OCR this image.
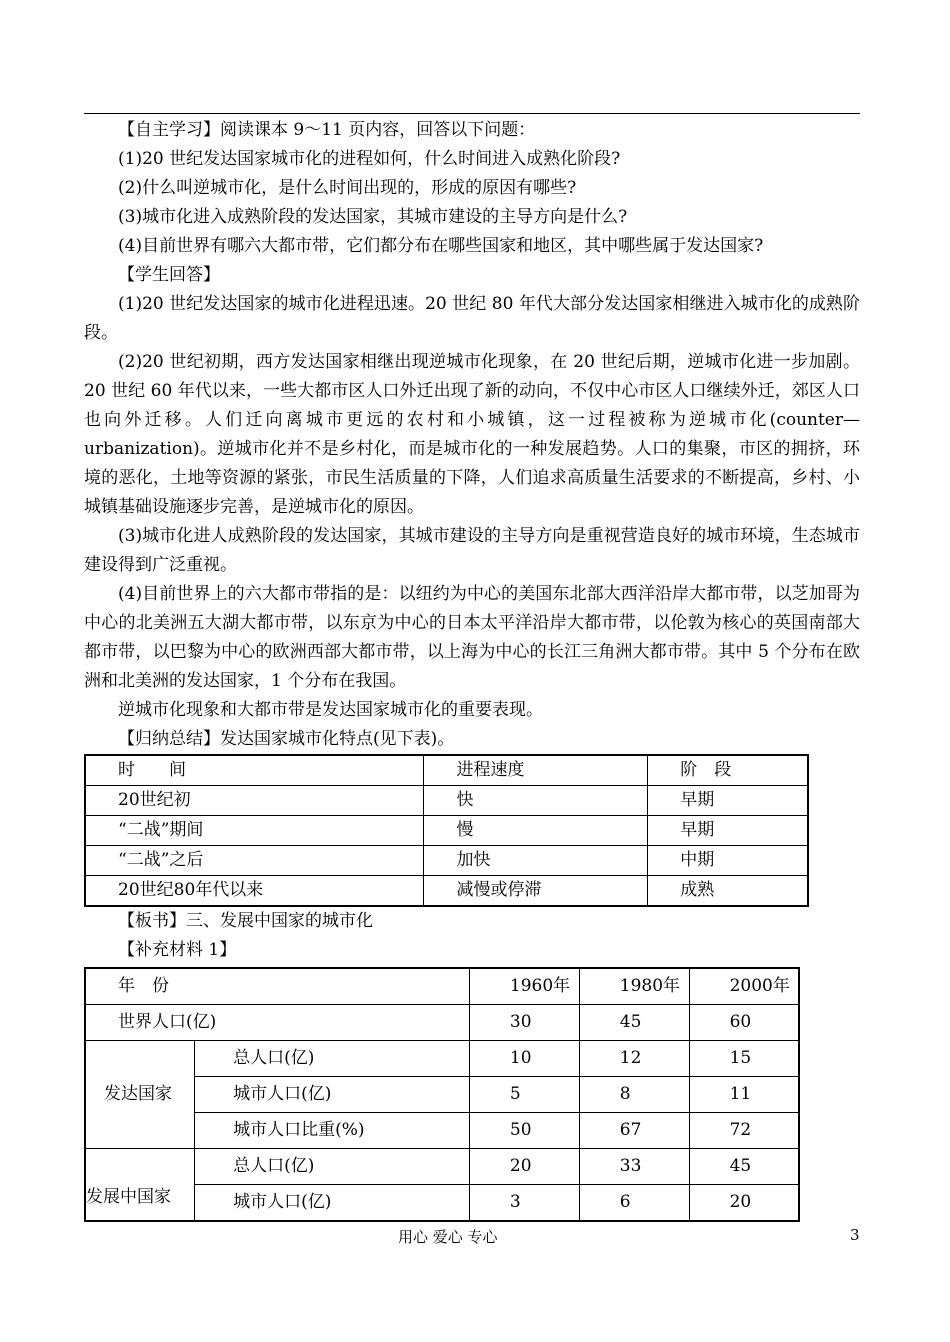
【自主学习】阅读课本 9～11 页内容，回答以下问题：

(1)20 世纪发达国家城市化的进程如何，什么时间进入成熟化阶段?

(2)什么叫逆城市化，是什么时间出现的，形成的原因有哪些?

(3)城市化进入成熟阶段的发达国家，其城市建设的主导方向是什么?

(4)目前世界有哪六大都市带，它们都分布在哪些国家和地区，其中哪些属于发达国家?

【学生回答】

(1)20 世纪发达国家的城市化进程迅速。20 世纪 80 年代大部分发达国家相继进入城市化的成熟阶段。

(2)20 世纪初期，西方发达国家相继出现逆城市化现象，在 20 世纪后期，逆城市化进一步加剧。20 世纪 60 年代以来，一些大都市区人口外迁出现了新的动向，不仅中心市区人口继续外迁，郊区人口也向外迁移。人们迁向离城市更远的农村和小城镇，这一过程被称为逆城市化(counter—urbanization)。逆城市化并不是乡村化，而是城市化的一种发展趋势。人口的集聚，市区的拥挤，环境的恶化，土地等资源的紧张，市民生活质量的下降，人们追求高质量生活要求的不断提高，乡村、小城镇基础设施逐步完善，是逆城市化的原因。

(3)城市化进人成熟阶段的发达国家，其城市建设的主导方向是重视营造良好的城市环境，生态城市建设得到广泛重视。

(4)目前世界上的六大都市带指的是：以纽约为中心的美国东北部大西洋沿岸大都市带，以芝加哥为中心的北美洲五大湖大都市带，以东京为中心的日本太平洋沿岸大都市带，以伦敦为核心的英国南部大都市带，以巴黎为中心的欧洲西部大都市带，以上海为中心的长江三角洲大都市带。其中 5 个分布在欧洲和北美洲的发达国家，1 个分布在我国。

逆城市化现象和大都市带是发达国家城市化的重要表现。

【归纳总结】发达国家城市化特点(见下表)。

时　　间	进程速度	阶　段
20世纪初	快	早期
“二战”期间	慢	早期
“二战”之后	加快	中期
20世纪80年代以来	减慢或停滞	成熟

【板书】三、发展中国家的城市化

【补充材料 1】

年　份		1960年	1980年	2000年
世界人口(亿)		30	45	60
发达国家	总人口(亿)	10	12	15
	城市人口(亿)	5	8	11
	城市人口比重(%)	50	67	72
发展中国家	总人口(亿)	20	33	45
	城市人口(亿)	3	6	20
用心 爱心 专心	3
